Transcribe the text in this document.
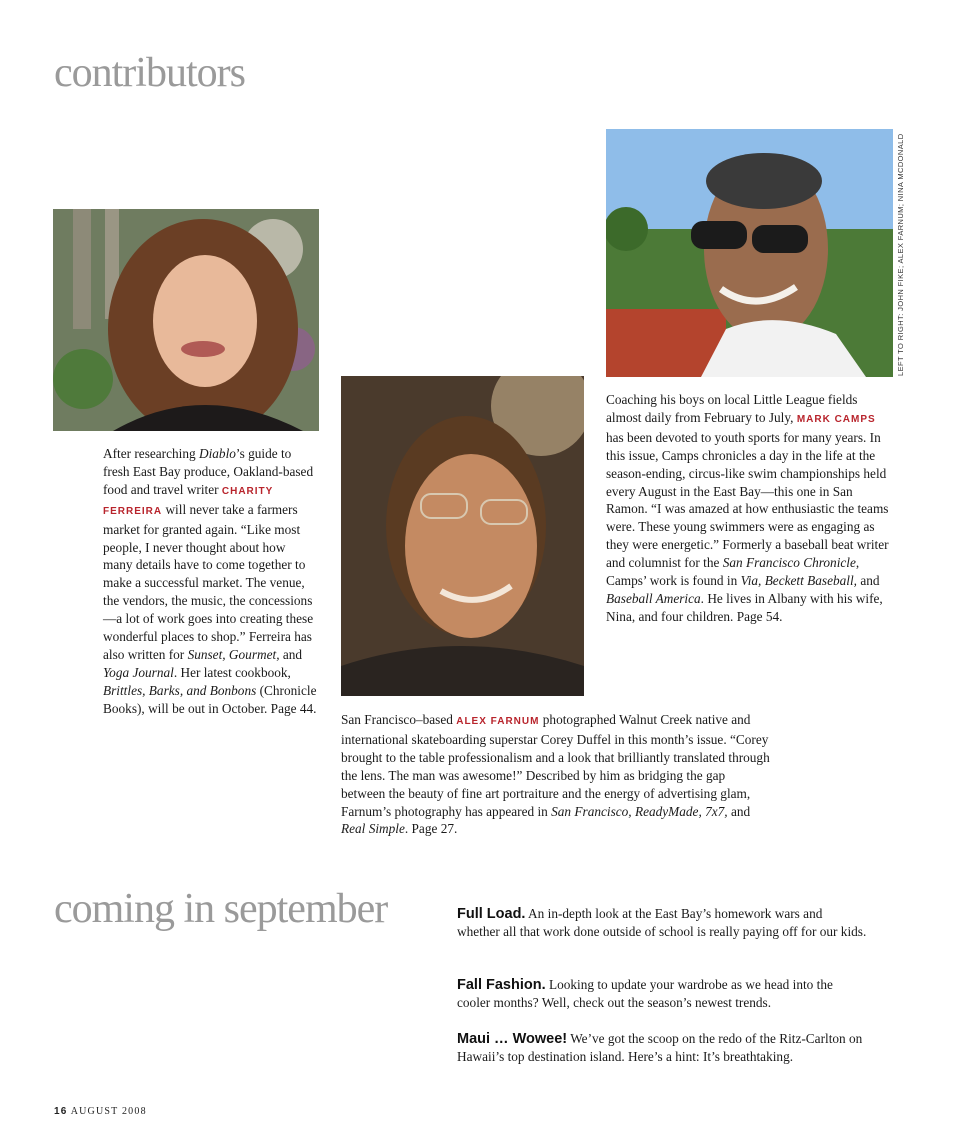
contributors
LEFT TO RIGHT: JOHN FIKE; ALEX FARNUM; NINA MCDONALD

After researching Diablo’s guide to fresh East Bay produce, Oakland-based food and travel writer CHARITY FERREIRA will never take a farmers market for granted again. “Like most people, I never thought about how many details have to come together to make a successful market. The venue, the vendors, the music, the concessions—a lot of work goes into creating these wonderful places to shop.” Ferreira has also written for Sunset, Gourmet, and Yoga Journal. Her latest cookbook, Brittles, Barks, and Bonbons (Chronicle Books), will be out in October. Page 44.

San Francisco–based ALEX FARNUM photographed Walnut Creek native and international skateboarding superstar Corey Duffel in this month’s issue. “Corey brought to the table professionalism and a look that brilliantly translated through the lens. The man was awesome!” Described by him as bridging the gap between the beauty of fine art portraiture and the energy of advertising glam, Farnum’s photography has appeared in San Francisco, ReadyMade, 7x7, and Real Simple. Page 27.

Coaching his boys on local Little League fields almost daily from February to July, MARK CAMPS has been devoted to youth sports for many years. In this issue, Camps chronicles a day in the life at the season-ending, circus-like swim championships held every August in the East Bay—this one in San Ramon. “I was amazed at how enthusiastic the teams were. These young swimmers were as engaging as they were energetic.” Formerly a baseball beat writer and columnist for the San Francisco Chronicle, Camps’ work is found in Via, Beckett Baseball, and Baseball America. He lives in Albany with his wife, Nina, and four children. Page 54.

coming in september	Full Load. An in-depth look at the East Bay’s homework wars and whether all that work done outside of school is really paying off for our kids.

Fall Fashion. Looking to update your wardrobe as we head into the cooler months? Well, check out the season’s newest trends.

Maui … Wowee! We’ve got the scoop on the redo of the Ritz-Carlton on Hawaii’s top destination island. Here’s a hint: It’s breathtaking.

16 AUGUST 2008
